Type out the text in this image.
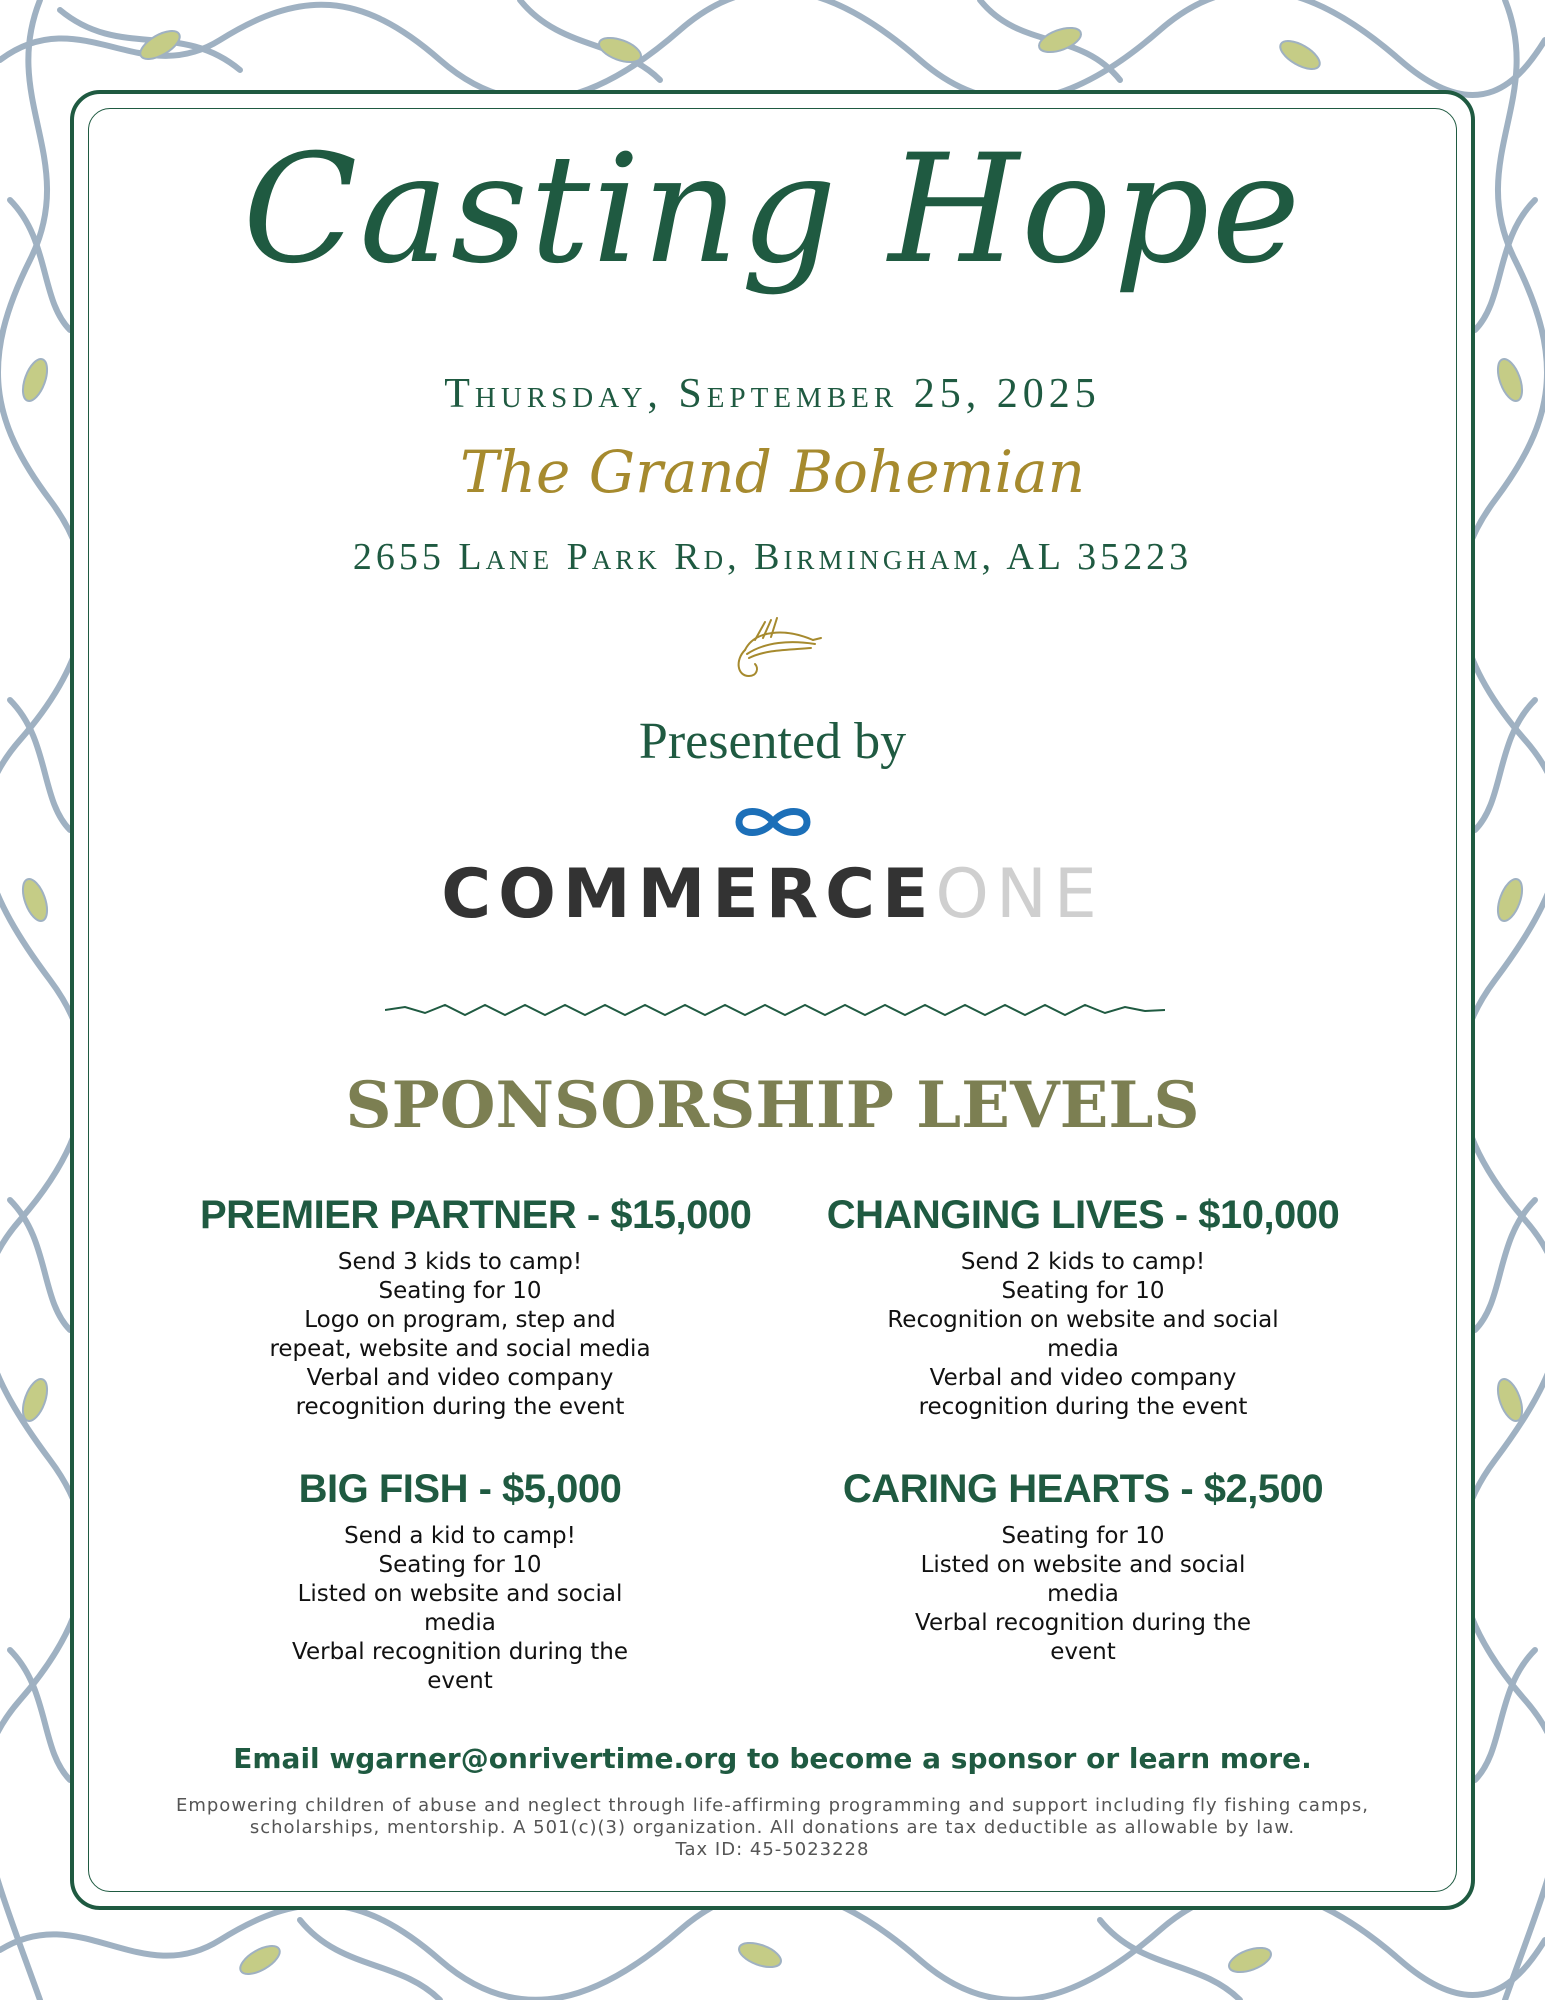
Casting Hope
Thursday, September 25, 2025
The Grand Bohemian
2655 Lane Park Rd, Birmingham, AL 35223
Presented by
COMMERCEONE
SPONSORSHIP LEVELS
PREMIER PARTNER - $15,000
Send 3 kids to camp!
Seating for 10
Logo on program, step and repeat, website and social media
Verbal and video company recognition during the event
CHANGING LIVES - $10,000
Send 2 kids to camp!
Seating for 10
Recognition on website and social media
Verbal and video company recognition during the event
BIG FISH - $5,000
Send a kid to camp!
Seating for 10
Listed on website and social media
Verbal recognition during the event
CARING HEARTS - $2,500
Seating for 10
Listed on website and social media
Verbal recognition during the event
Email wgarner@onrivertime.org to become a sponsor or learn more.
Empowering children of abuse and neglect through life-affirming programming and support including fly fishing camps, scholarships, mentorship. A 501(c)(3) organization. All donations are tax deductible as allowable by law.
Tax ID: 45-5023228
